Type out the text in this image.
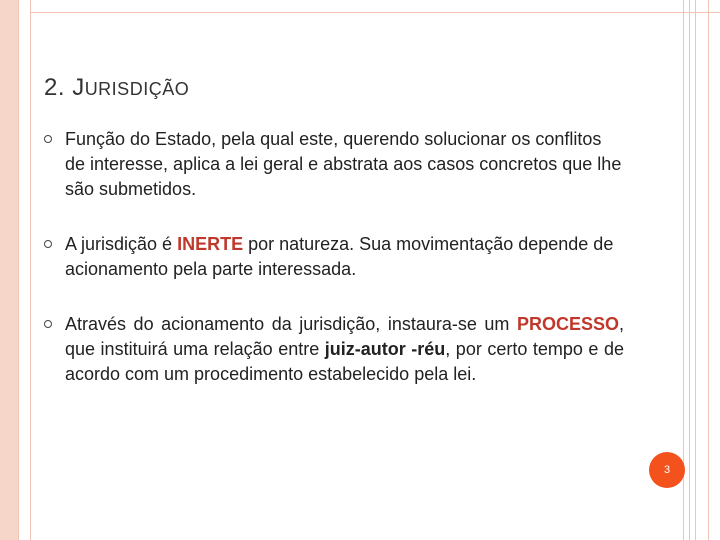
2. JURISDIÇÃO
Função do Estado, pela qual este, querendo solucionar os conflitos de interesse, aplica a lei geral e abstrata aos casos concretos que lhe são submetidos.
A jurisdição é INERTE por natureza. Sua movimentação depende de acionamento pela parte interessada.
Através do acionamento da jurisdição, instaura-se um PROCESSO, que instituirá uma relação entre juiz-autor -réu, por certo tempo e de acordo com um procedimento estabelecido pela lei.
3
